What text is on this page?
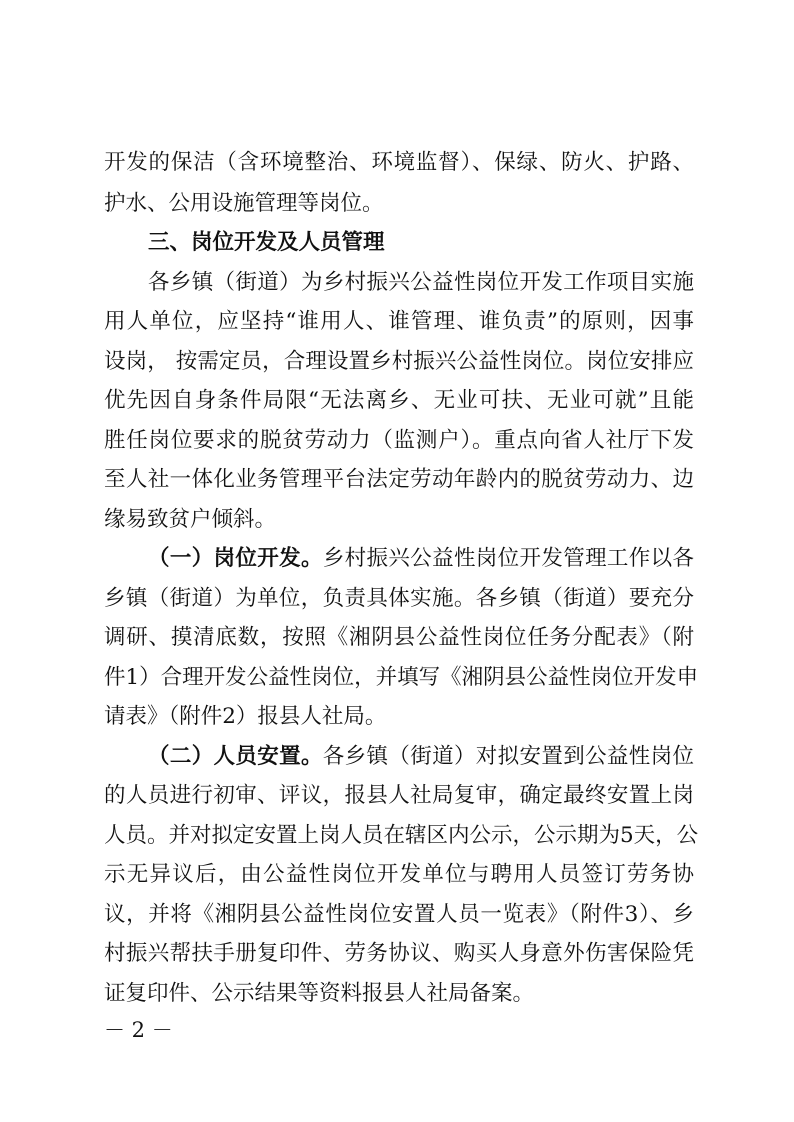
开发的保洁（含环境整治、环境监督）、保绿、防火、护路、
护水、公用设施管理等岗位。
三、岗位开发及人员管理
各乡镇（街道）为乡村振兴公益性岗位开发工作项目实施
用人单位，应坚持“谁用人、谁管理、谁负责”的原则，因事
设岗， 按需定员，合理设置乡村振兴公益性岗位。岗位安排应
优先因自身条件局限“无法离乡、无业可扶、无业可就”且能
胜任岗位要求的脱贫劳动力（监测户）。重点向省人社厅下发
至人社一体化业务管理平台法定劳动年龄内的脱贫劳动力、边
缘易致贫户倾斜。
（一）岗位开发。乡村振兴公益性岗位开发管理工作以各
乡镇（街道）为单位，负责具体实施。各乡镇（街道）要充分
调研、摸清底数，按照《湘阴县公益性岗位任务分配表》（附
件1）合理开发公益性岗位，并填写《湘阴县公益性岗位开发申
请表》（附件2）报县人社局。
（二）人员安置。各乡镇（街道）对拟安置到公益性岗位
的人员进行初审、评议，报县人社局复审，确定最终安置上岗
人员。并对拟定安置上岗人员在辖区内公示，公示期为5天，公
示无异议后，由公益性岗位开发单位与聘用人员签订劳务协
议，并将《湘阴县公益性岗位安置人员一览表》（附件3）、乡
村振兴帮扶手册复印件、劳务协议、购买人身意外伤害保险凭
证复印件、公示结果等资料报县人社局备案。
－ 2 －
